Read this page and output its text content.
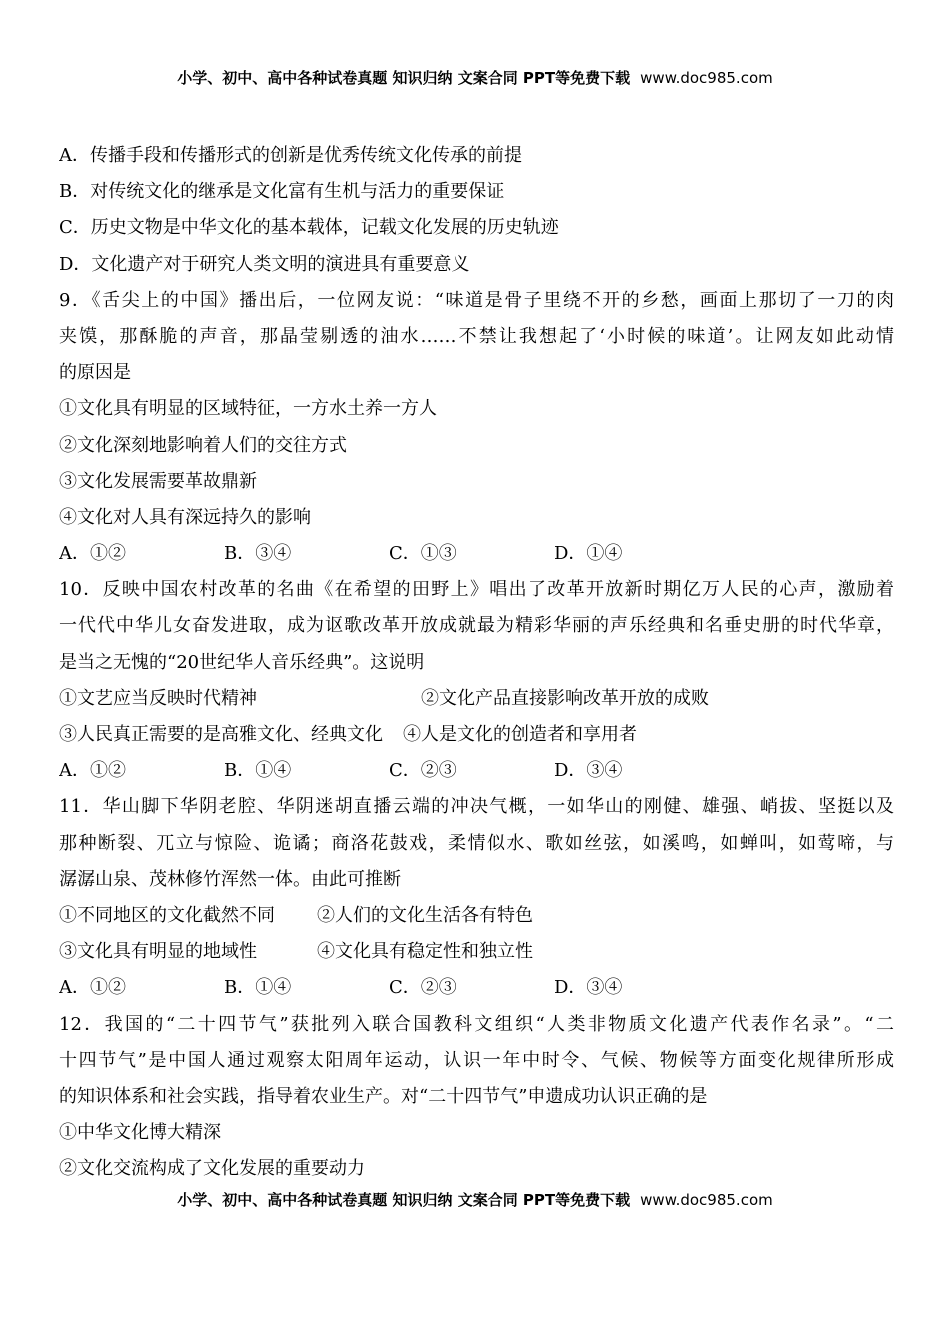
小学、初中、高中各种试卷真题 知识归纳 文案合同 PPT等免费下载 www.doc985.com
A．传播手段和传播形式的创新是优秀传统文化传承的前提
B．对传统文化的继承是文化富有生机与活力的重要保证
C．历史文物是中华文化的基本载体，记载文化发展的历史轨迹
D．文化遗产对于研究人类文明的演进具有重要意义
9．《舌尖上的中国》播出后，一位网友说：“味道是骨子里绕不开的乡愁，画面上那切了一刀的肉
夹馍，那酥脆的声音，那晶莹剔透的油水……不禁让我想起了‘小时候的味道’。让网友如此动情
的原因是
①文化具有明显的区域特征，一方水土养一方人
②文化深刻地影响着人们的交往方式
③文化发展需要革故鼎新
④文化对人具有深远持久的影响
A．①②	B．③④	C．①③	D．①④
10．反映中国农村改革的名曲《在希望的田野上》唱出了改革开放新时期亿万人民的心声，激励着
一代代中华儿女奋发进取，成为讴歌改革开放成就最为精彩华丽的声乐经典和名垂史册的时代华章，
是当之无愧的“20世纪华人音乐经典”。这说明
①文艺应当反映时代精神	②文化产品直接影响改革开放的成败
③人民真正需要的是高雅文化、经典文化	④人是文化的创造者和享用者
A．①②	B．①④	C．②③	D．③④
11．华山脚下华阴老腔、华阴迷胡直播云端的冲决气概，一如华山的刚健、雄强、峭拔、坚挺以及
那种断裂、兀立与惊险、诡谲；商洛花鼓戏，柔情似水、歌如丝弦，如溪鸣，如蝉叫，如莺啼，与
潺潺山泉、茂林修竹浑然一体。由此可推断
①不同地区的文化截然不同	②人们的文化生活各有特色
③文化具有明显的地域性	④文化具有稳定性和独立性
A．①②	B．①④	C．②③	D．③④
12．我国的“二十四节气”获批列入联合国教科文组织“人类非物质文化遗产代表作名录”。“二
十四节气”是中国人通过观察太阳周年运动，认识一年中时令、气候、物候等方面变化规律所形成
的知识体系和社会实践，指导着农业生产。对“二十四节气”申遗成功认识正确的是
①中华文化博大精深
②文化交流构成了文化发展的重要动力
小学、初中、高中各种试卷真题 知识归纳 文案合同 PPT等免费下载 www.doc985.com
